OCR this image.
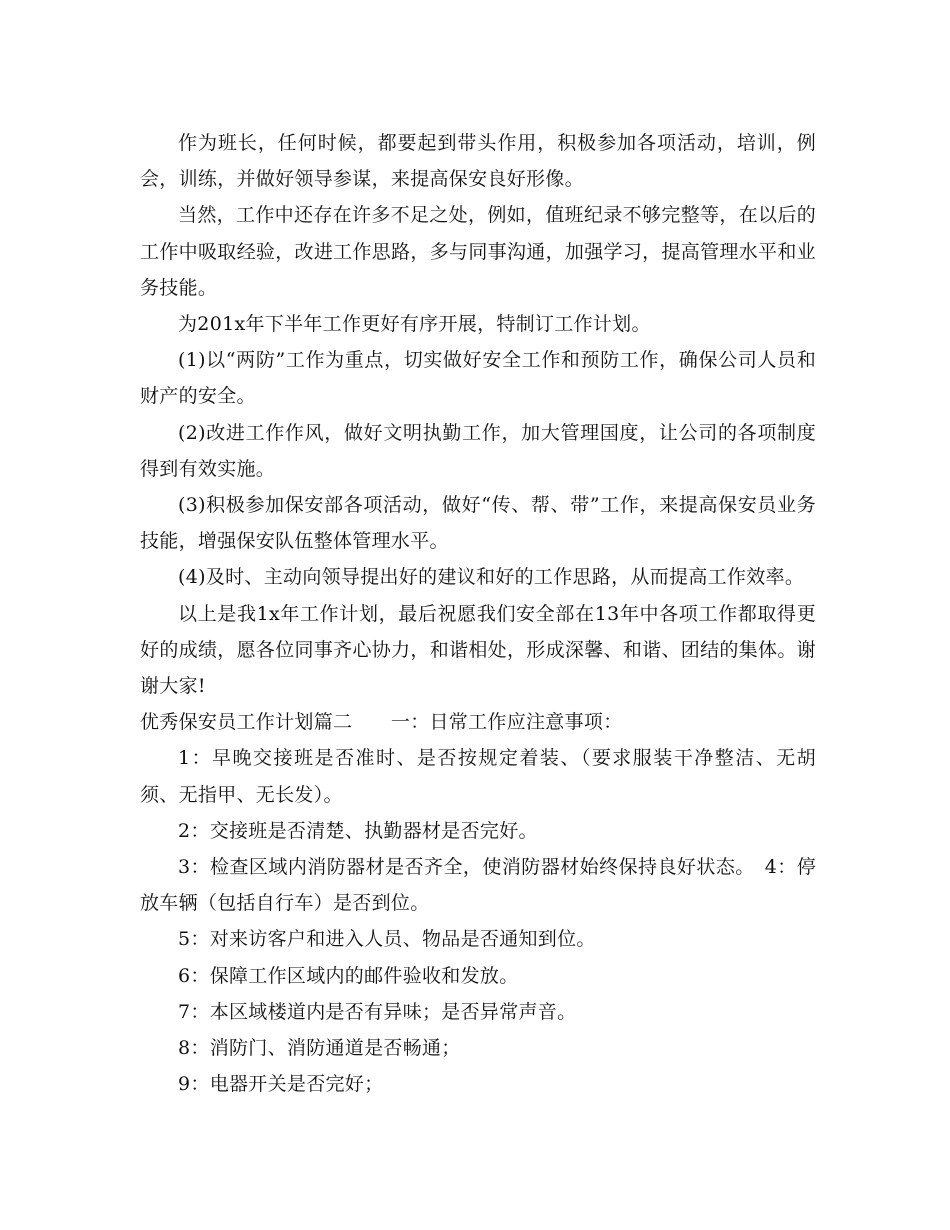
作为班长，任何时候，都要起到带头作用，积极参加各项活动，培训，例会，训练，并做好领导参谋，来提高保安良好形像。

当然，工作中还存在许多不足之处，例如，值班纪录不够完整等，在以后的工作中吸取经验，改进工作思路，多与同事沟通，加强学习，提高管理水平和业务技能。

为201x年下半年工作更好有序开展，特制订工作计划。

(1)以“两防”工作为重点，切实做好安全工作和预防工作，确保公司人员和财产的安全。

(2)改进工作作风，做好文明执勤工作，加大管理国度，让公司的各项制度得到有效实施。

(3)积极参加保安部各项活动，做好“传、帮、带”工作，来提高保安员业务技能，增强保安队伍整体管理水平。

(4)及时、主动向领导提出好的建议和好的工作思路，从而提高工作效率。

以上是我1x年工作计划，最后祝愿我们安全部在13年中各项工作都取得更好的成绩，愿各位同事齐心协力，和谐相处，形成深馨、和谐、团结的集体。谢谢大家!

优秀保安员工作计划篇二　　一：日常工作应注意事项：

1：早晚交接班是否准时、是否按规定着装、（要求服装干净整洁、无胡须、无指甲、无长发）。

2：交接班是否清楚、执勤器材是否完好。

3：检查区域内消防器材是否齐全，使消防器材始终保持良好状态。　4：停放车辆（包括自行车）是否到位。

5：对来访客户和进入人员、物品是否通知到位。

6：保障工作区域内的邮件验收和发放。

7：本区域楼道内是否有异味；是否异常声音。

8：消防门、消防通道是否畅通；

9：电器开关是否完好；
